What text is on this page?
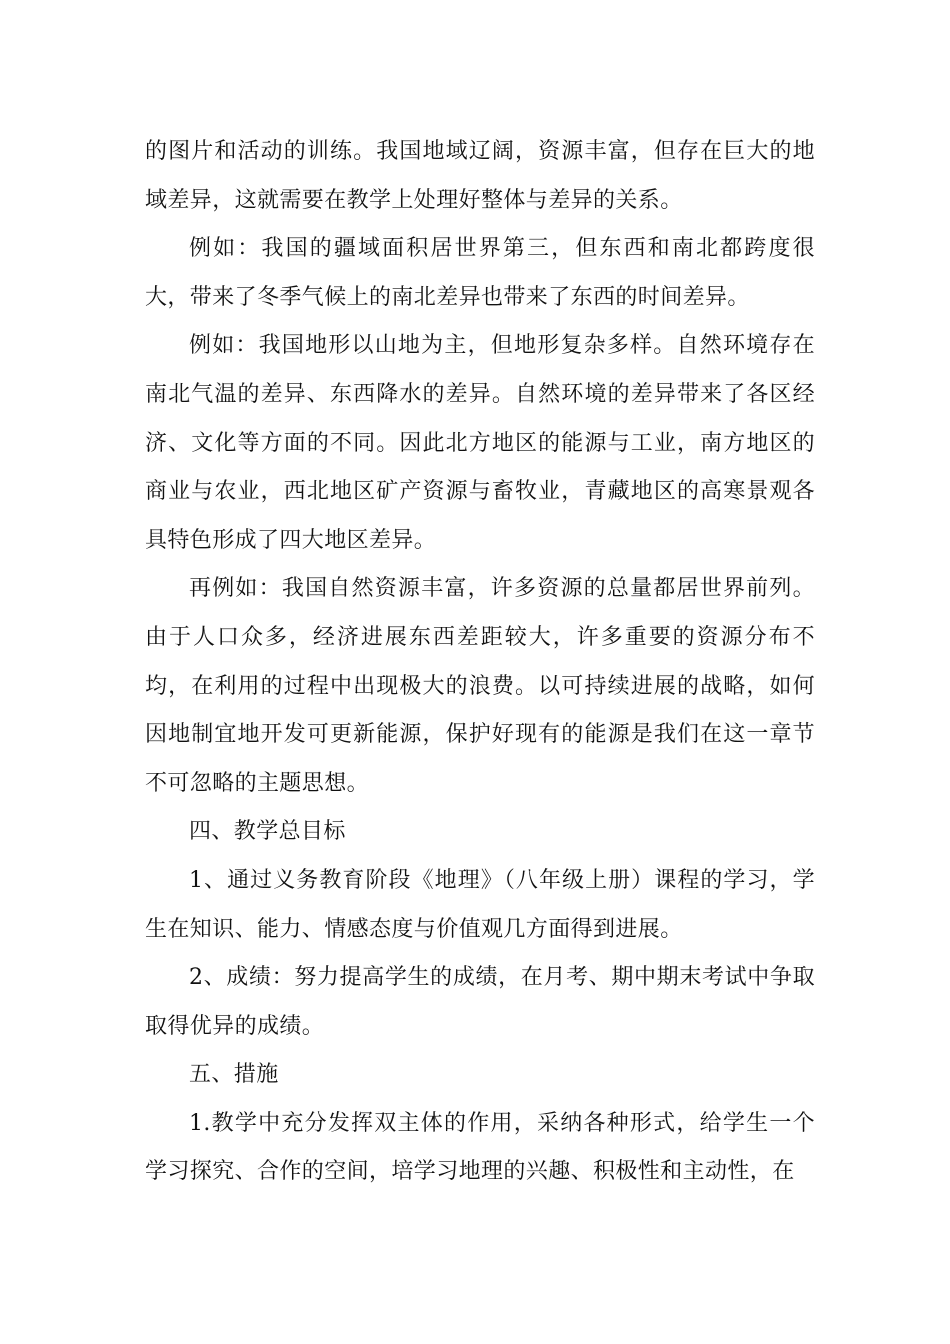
的图片和活动的训练。我国地域辽阔，资源丰富，但存在巨大的地域差异，这就需要在教学上处理好整体与差异的关系。

例如：我国的疆域面积居世界第三，但东西和南北都跨度很大，带来了冬季气候上的南北差异也带来了东西的时间差异。

例如：我国地形以山地为主，但地形复杂多样。自然环境存在南北气温的差异、东西降水的差异。自然环境的差异带来了各区经济、文化等方面的不同。因此北方地区的能源与工业，南方地区的商业与农业，西北地区矿产资源与畜牧业，青藏地区的高寒景观各具特色形成了四大地区差异。

再例如：我国自然资源丰富，许多资源的总量都居世界前列。由于人口众多，经济进展东西差距较大，许多重要的资源分布不均，在利用的过程中出现极大的浪费。以可持续进展的战略，如何因地制宜地开发可更新能源，保护好现有的能源是我们在这一章节不可忽略的主题思想。

四、教学总目标

1、通过义务教育阶段《地理》（八年级上册）课程的学习，学生在知识、能力、情感态度与价值观几方面得到进展。

2、成绩：努力提高学生的成绩，在月考、期中期末考试中争取取得优异的成绩。

五、措施

1.教学中充分发挥双主体的作用，采纳各种形式，给学生一个学习探究、合作的空间，培学习地理的兴趣、积极性和主动性，在
